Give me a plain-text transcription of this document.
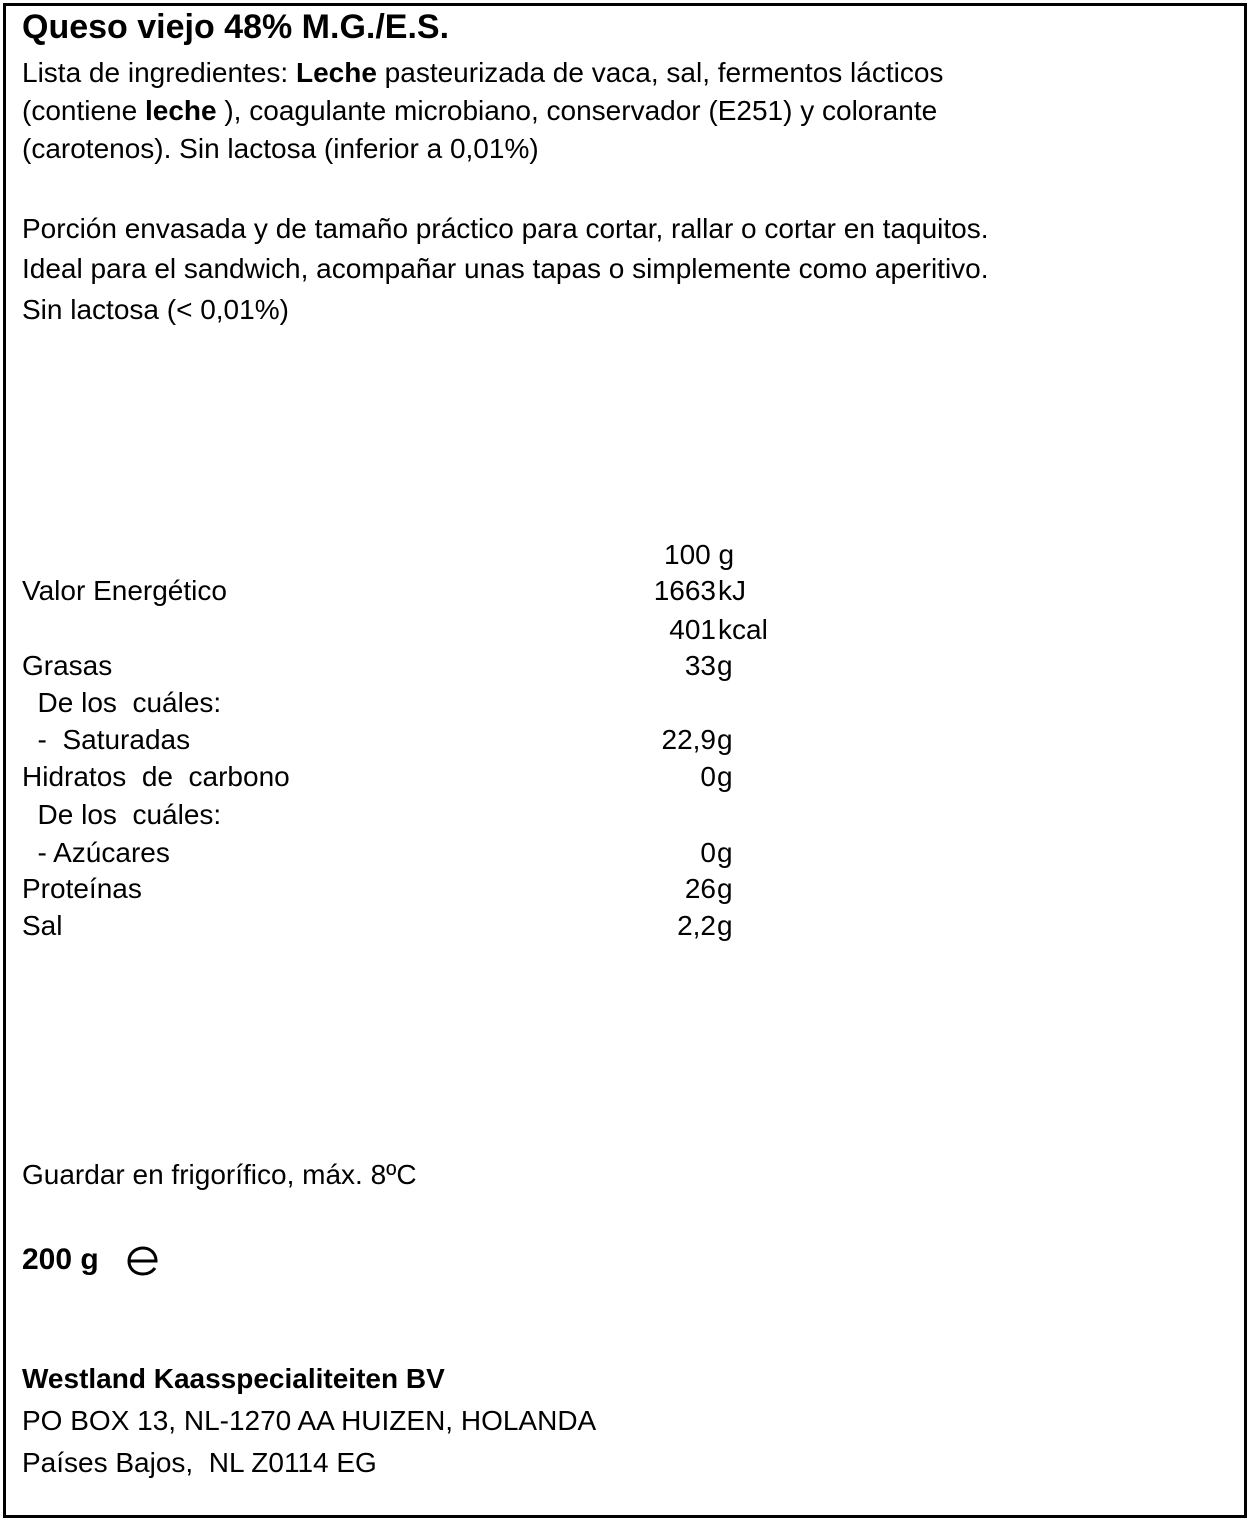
Queso viejo 48% M.G./E.S.
Lista de ingredientes: Leche pasteurizada de vaca, sal, fermentos lácticos
(contiene leche ), coagulante microbiano, conservador (E251) y colorante
(carotenos). Sin lactosa (inferior a 0,01%)
Porción envasada y de tamaño práctico para cortar, rallar o cortar en taquitos.
Ideal para el sandwich, acompañar unas tapas o simplemente como aperitivo.
Sin lactosa (< 0,01%)
100 g
Valor Energético	1663 kJ
401 kcal
Grasas	33 g
De los  cuáles:
-  Saturadas	22,9 g
Hidratos  de  carbono	0 g
De los  cuáles:
- Azúcares	0 g
Proteínas	26 g
Sal	2,2 g
Guardar en frigorífico, máx. 8ºC
200 g
Westland Kaasspecialiteiten BV
PO BOX 13, NL-1270 AA HUIZEN, HOLANDA
Países Bajos,  NL Z0114 EG
